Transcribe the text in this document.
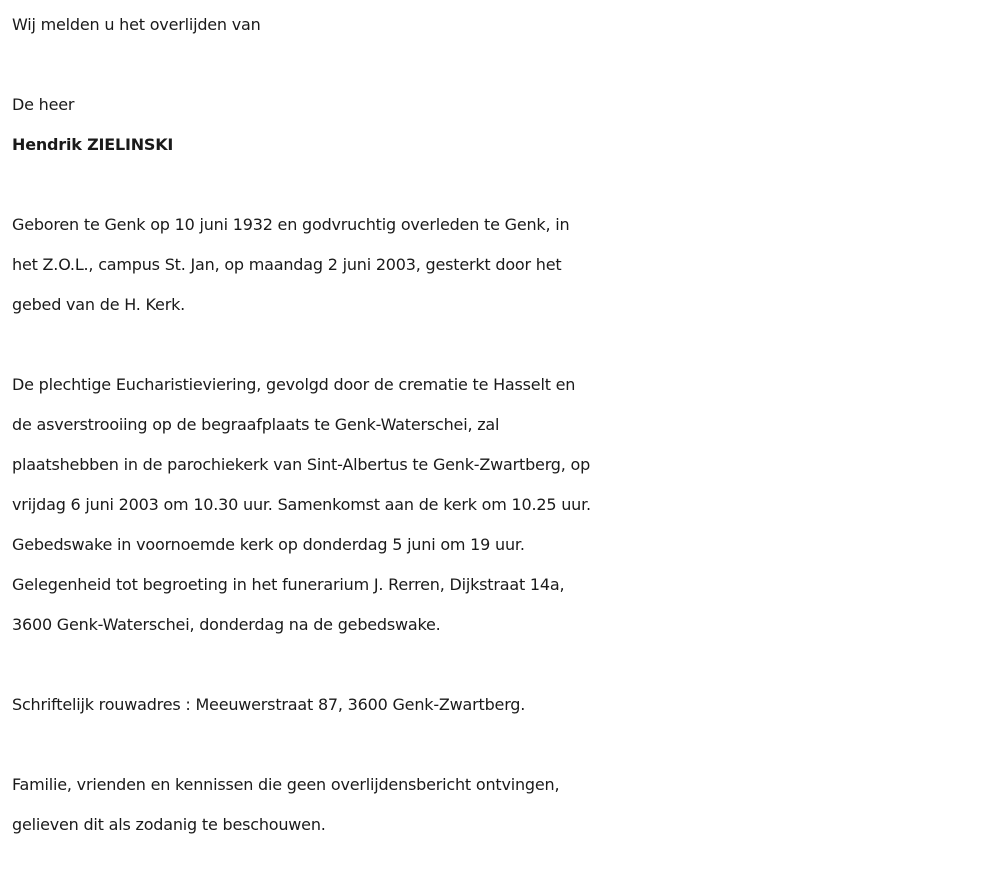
Wij melden u het overlijden van
De heer
Hendrik ZIELINSKI
Geboren te Genk op 10 juni 1932 en godvruchtig overleden te Genk, in
het Z.O.L., campus St. Jan, op maandag 2 juni 2003, gesterkt door het
gebed van de H. Kerk.
De plechtige Eucharistieviering, gevolgd door de crematie te Hasselt en
de asverstrooiing op de begraafplaats te Genk-Waterschei, zal
plaatshebben in de parochiekerk van Sint-Albertus te Genk-Zwartberg, op
vrijdag 6 juni 2003 om 10.30 uur. Samenkomst aan de kerk om 10.25 uur.
Gebedswake in voornoemde kerk op donderdag 5 juni om 19 uur.
Gelegenheid tot begroeting in het funerarium J. Rerren, Dijkstraat 14a,
3600 Genk-Waterschei, donderdag na de gebedswake.
Schriftelijk rouwadres : Meeuwerstraat 87, 3600 Genk-Zwartberg.
Familie, vrienden en kennissen die geen overlijdensbericht ontvingen,
gelieven dit als zodanig te beschouwen.
